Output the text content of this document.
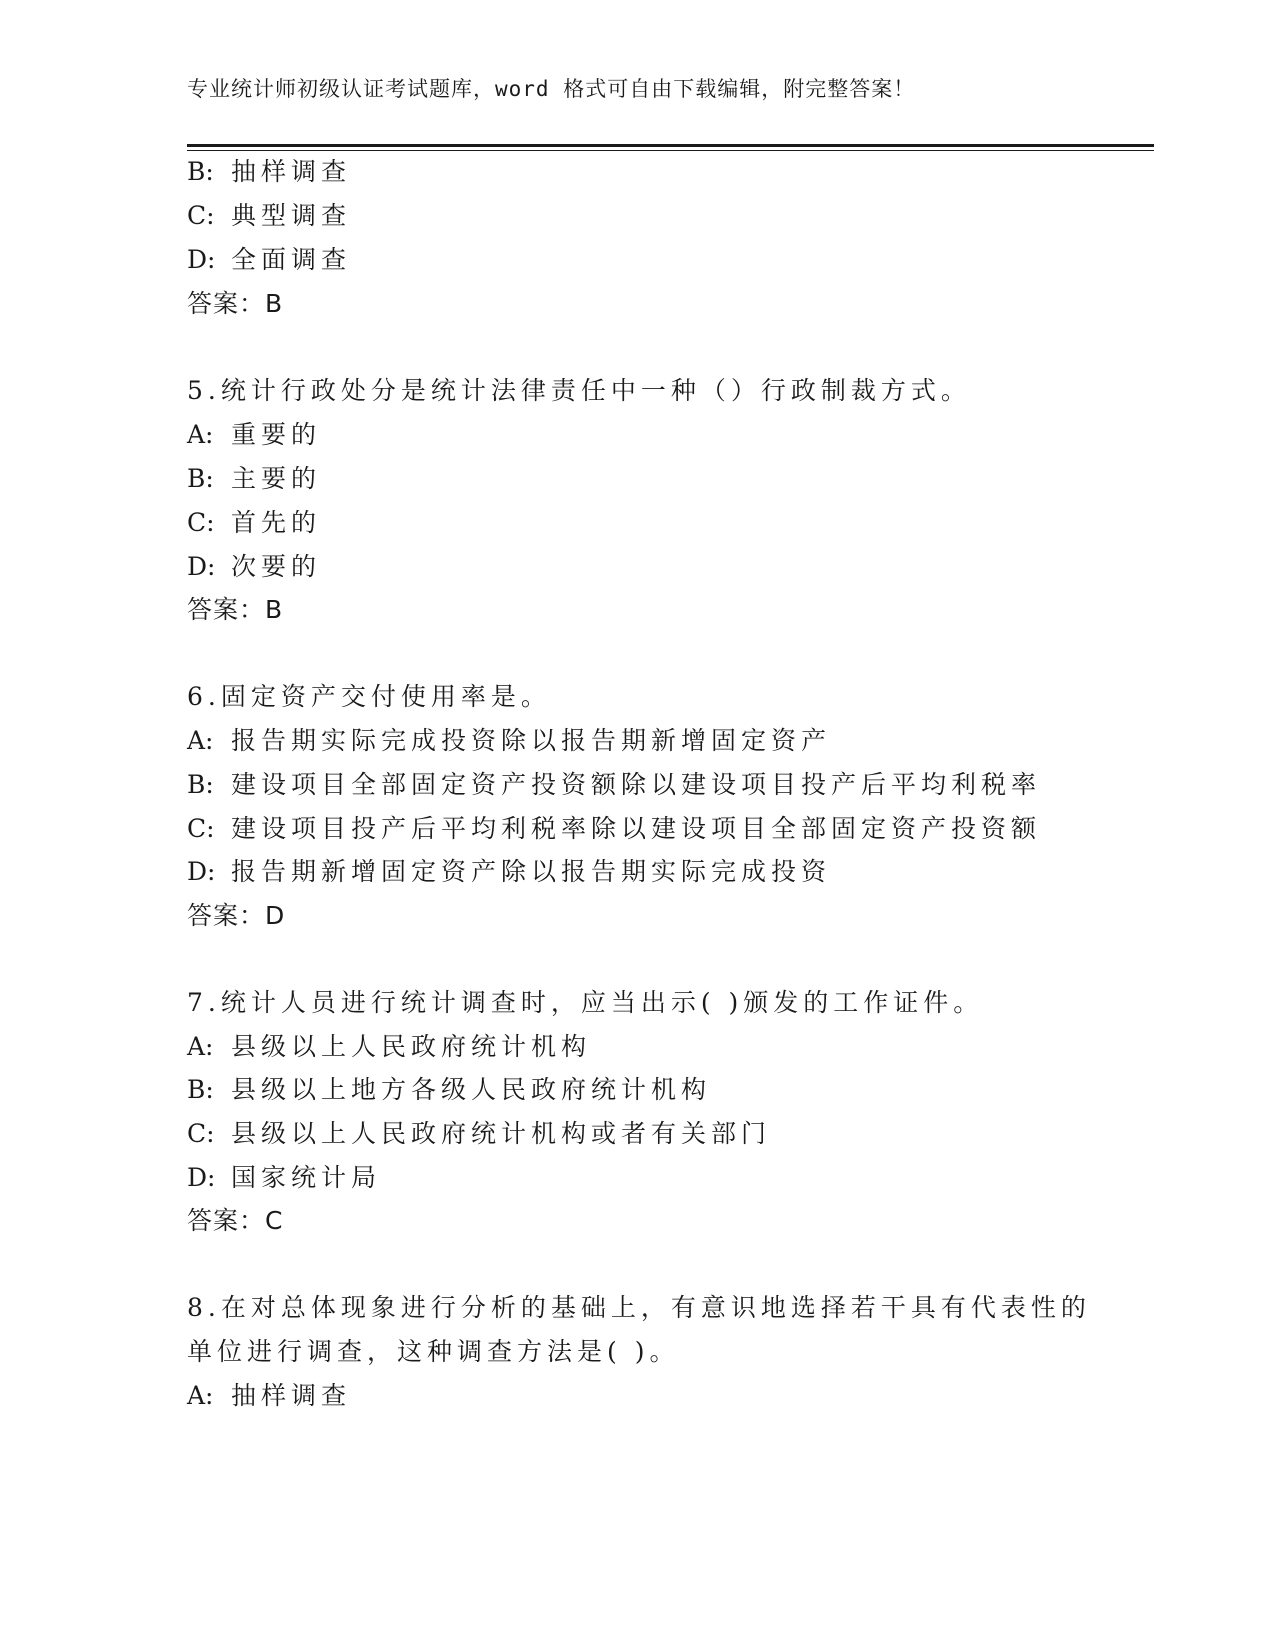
专业统计师初级认证考试题库，word 格式可自由下载编辑，附完整答案！
B: 抽样调查
C: 典型调查
D: 全面调查
答案：B
5.统计行政处分是统计法律责任中一种（）行政制裁方式。
A: 重要的
B: 主要的
C: 首先的
D: 次要的
答案：B
6.固定资产交付使用率是。
A: 报告期实际完成投资除以报告期新增固定资产
B: 建设项目全部固定资产投资额除以建设项目投产后平均利税率
C: 建设项目投产后平均利税率除以建设项目全部固定资产投资额
D: 报告期新增固定资产除以报告期实际完成投资
答案：D
7.统计人员进行统计调查时，应当出示( )颁发的工作证件。
A: 县级以上人民政府统计机构
B: 县级以上地方各级人民政府统计机构
C: 县级以上人民政府统计机构或者有关部门
D: 国家统计局
答案：C
8.在对总体现象进行分析的基础上，有意识地选择若干具有代表性的
单位进行调查，这种调查方法是( )。
A: 抽样调查
